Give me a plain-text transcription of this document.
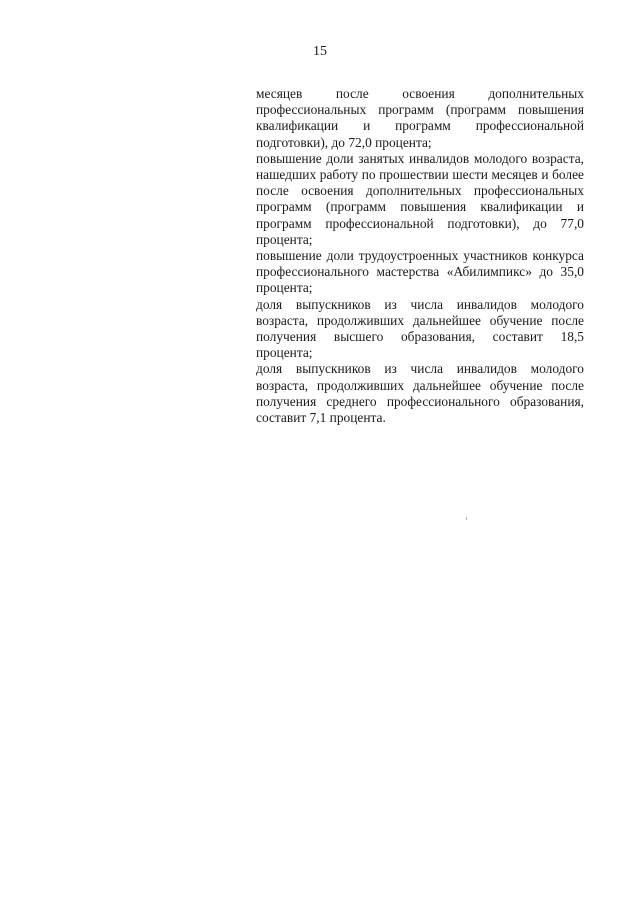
15

месяцев после освоения дополнительных профессиональных программ (программ повышения квалификации и программ профессиональной подготовки), до 72,0 процента;

повышение доли занятых инвалидов молодого возраста, нашедших работу по прошествии шести месяцев и более после освоения дополнительных профессиональных программ (программ повышения квалификации и программ профессиональной подготовки), до 77,0 процента;

повышение доли трудоустроенных участников конкурса профессионального мастерства «Абилимпикс» до 35,0 процента;

доля выпускников из числа инвалидов молодого возраста, продолживших дальнейшее обучение после получения высшего образования, составит 18,5 процента;

доля выпускников из числа инвалидов молодого возраста, продолживших дальнейшее обучение после получения среднего профессионального образования, составит 7,1 процента.
